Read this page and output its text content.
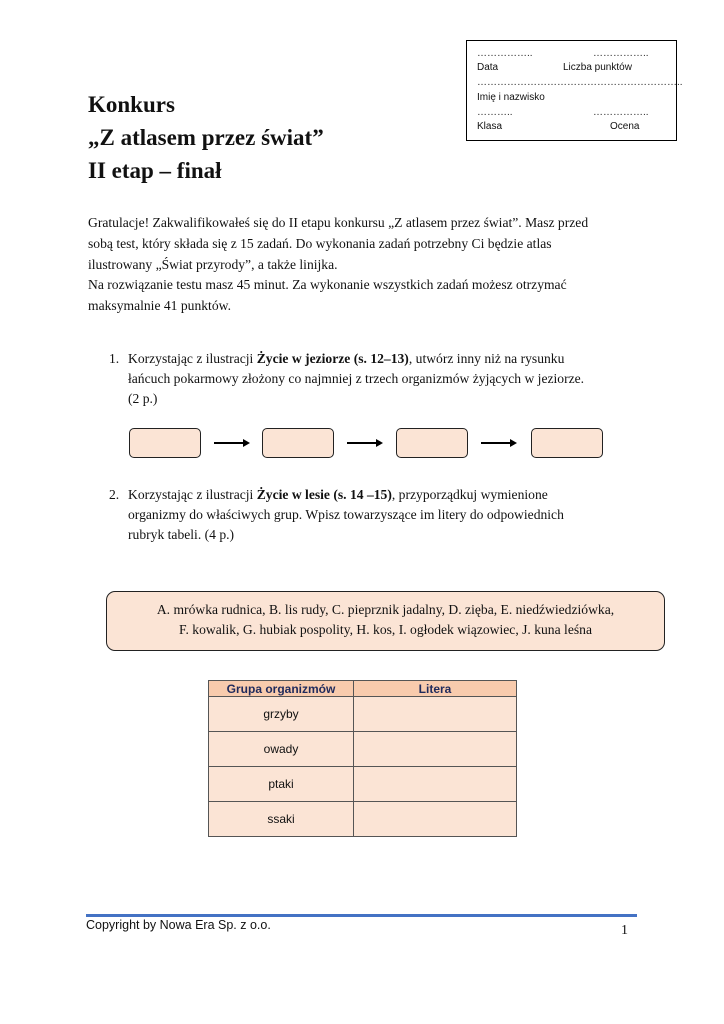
……………..	……………..
Data	Liczba punktów
……………………………………………………..
Imię i nazwisko
………..	……………..
Klasa	Ocena
Konkurs
„Z atlasem przez świat”
II etap – finał
Gratulacje! Zakwalifikowałeś się do II etapu konkursu „Z atlasem przez świat”. Masz przed
sobą test, który składa się z 15 zadań. Do wykonania zadań potrzebny Ci będzie atlas
ilustrowany „Świat przyrody”, a także linijka.
Na rozwiązanie testu masz 45 minut. Za wykonanie wszystkich zadań możesz otrzymać
maksymalnie 41 punktów.
1. Korzystając z ilustracji Życie w jeziorze (s. 12–13), utwórz inny niż na rysunku
łańcuch pokarmowy złożony co najmniej z trzech organizmów żyjących w jeziorze.
(2 p.)
2. Korzystając z ilustracji Życie w lesie (s. 14 –15), przyporządkuj wymienione
organizmy do właściwych grup. Wpisz towarzyszące im litery do odpowiednich
rubryk tabeli. (4 p.)
A. mrówka rudnica, B. lis rudy, C. pieprznik jadalny, D. zięba, E. niedźwiedziówka,
F. kowalik, G. hubiak pospolity, H. kos, I. ogłodek wiązowiec, J. kuna leśna
Grupa organizmów	Litera
grzyby	
owady	
ptaki	
ssaki	
Copyright by Nowa Era Sp. z o.o.	1
